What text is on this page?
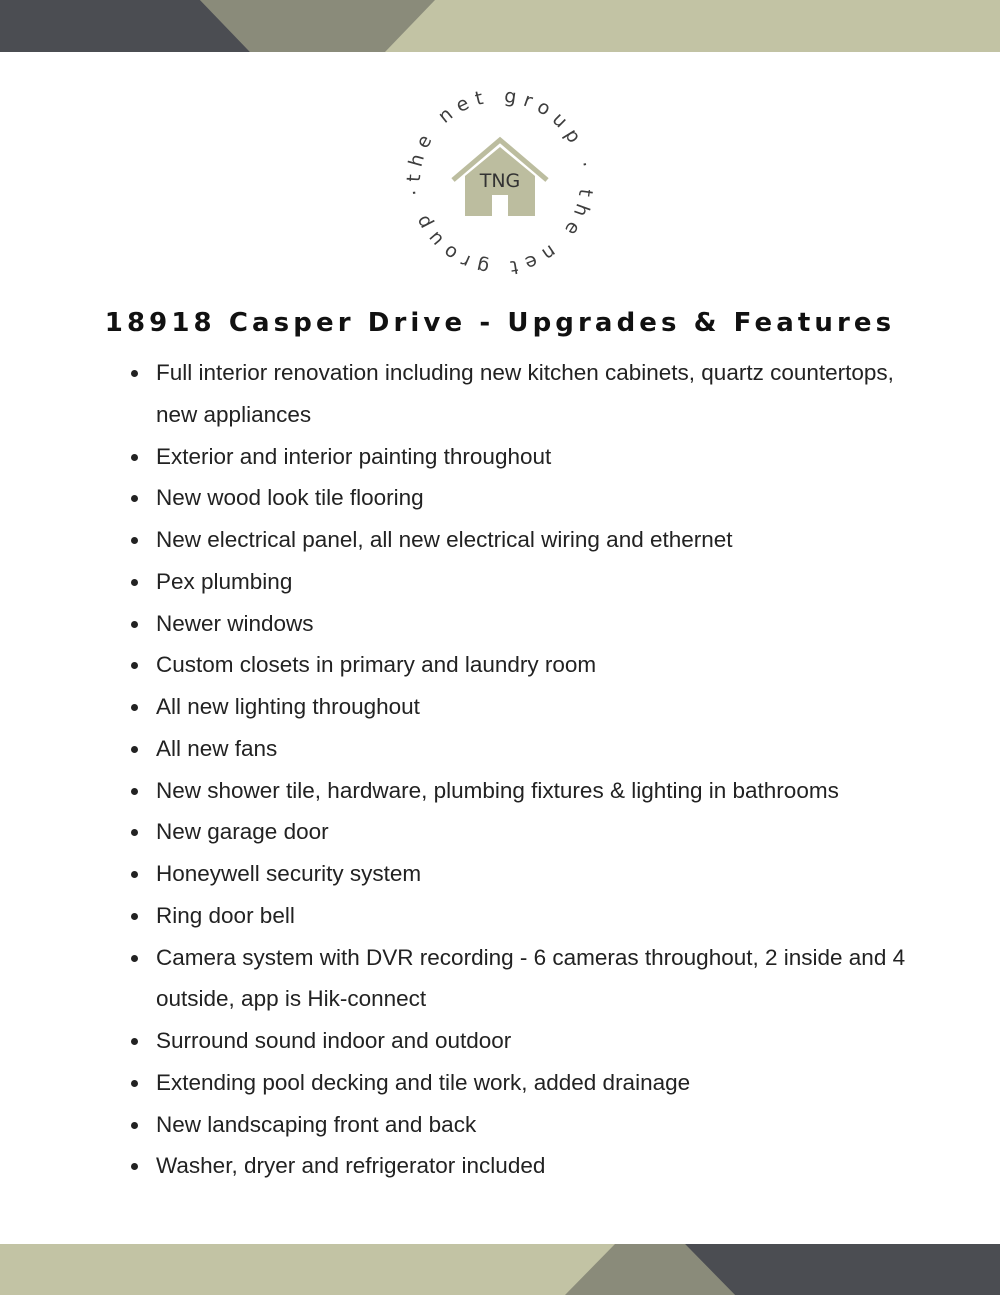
the net group · the net group ·	TNG
18918 Casper Drive - Upgrades & Features
Full interior renovation including new kitchen cabinets, quartz countertops, new appliances
Exterior and interior painting throughout
New wood look tile flooring
New electrical panel, all new electrical wiring and ethernet
Pex plumbing
Newer windows
Custom closets in primary and laundry room
All new lighting throughout
All new fans
New shower tile, hardware, plumbing fixtures & lighting in bathrooms
New garage door
Honeywell security system
Ring door bell
Camera system with DVR recording - 6 cameras throughout, 2 inside and 4 outside, app is Hik-connect
Surround sound indoor and outdoor
Extending pool decking and tile work, added drainage
New landscaping front and back
Washer, dryer and refrigerator included
